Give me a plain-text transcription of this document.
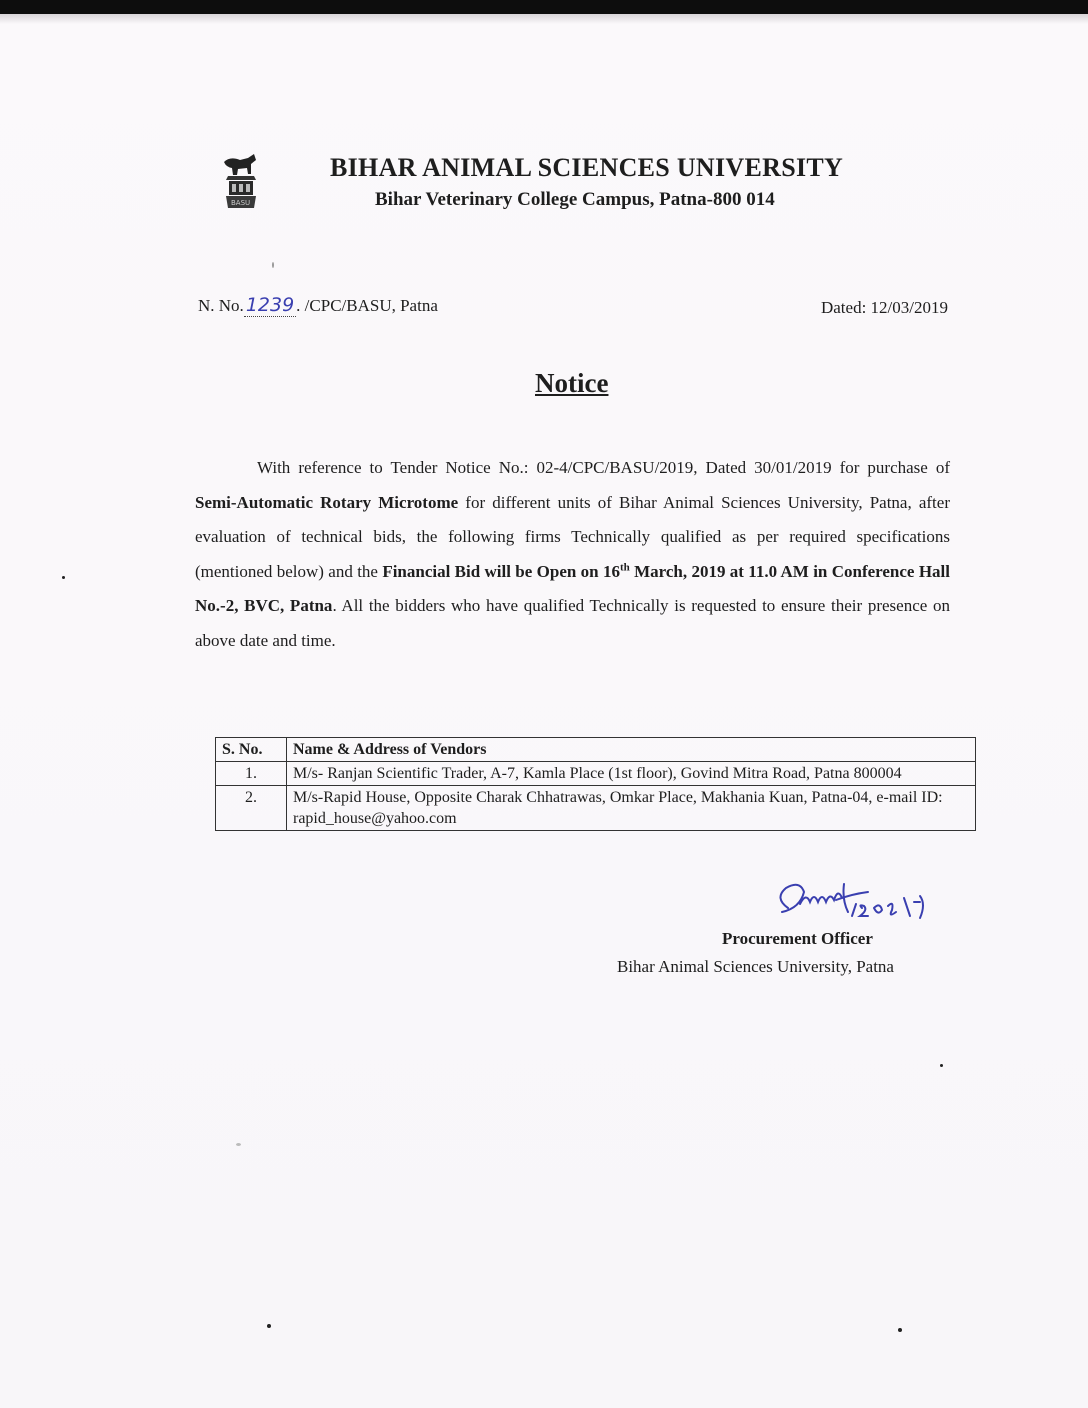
BASU
BIHAR ANIMAL SCIENCES UNIVERSITY
Bihar Veterinary College Campus, Patna-800 014
N. No. 1239 . /CPC/BASU, Patna	Dated: 12/03/2019
Notice
With reference to Tender Notice No.: 02-4/CPC/BASU/2019, Dated 30/01/2019 for purchase of Semi-Automatic Rotary Microtome for different units of Bihar Animal Sciences University, Patna, after evaluation of technical bids, the following firms Technically qualified as per required specifications (mentioned below) and the Financial Bid will be Open on 16th March, 2019 at 11.0 AM in Conference Hall No.-2, BVC, Patna. All the bidders who have qualified Technically is requested to ensure their presence on above date and time.
S. No.	Name & Address of Vendors
1.	M/s- Ranjan Scientific Trader, A-7, Kamla Place (1st floor), Govind Mitra Road, Patna 800004
2.	M/s-Rapid House, Opposite Charak Chhatrawas, Omkar Place, Makhania Kuan, Patna-04, e-mail ID: rapid_house@yahoo.com
Procurement Officer
Bihar Animal Sciences University, Patna
